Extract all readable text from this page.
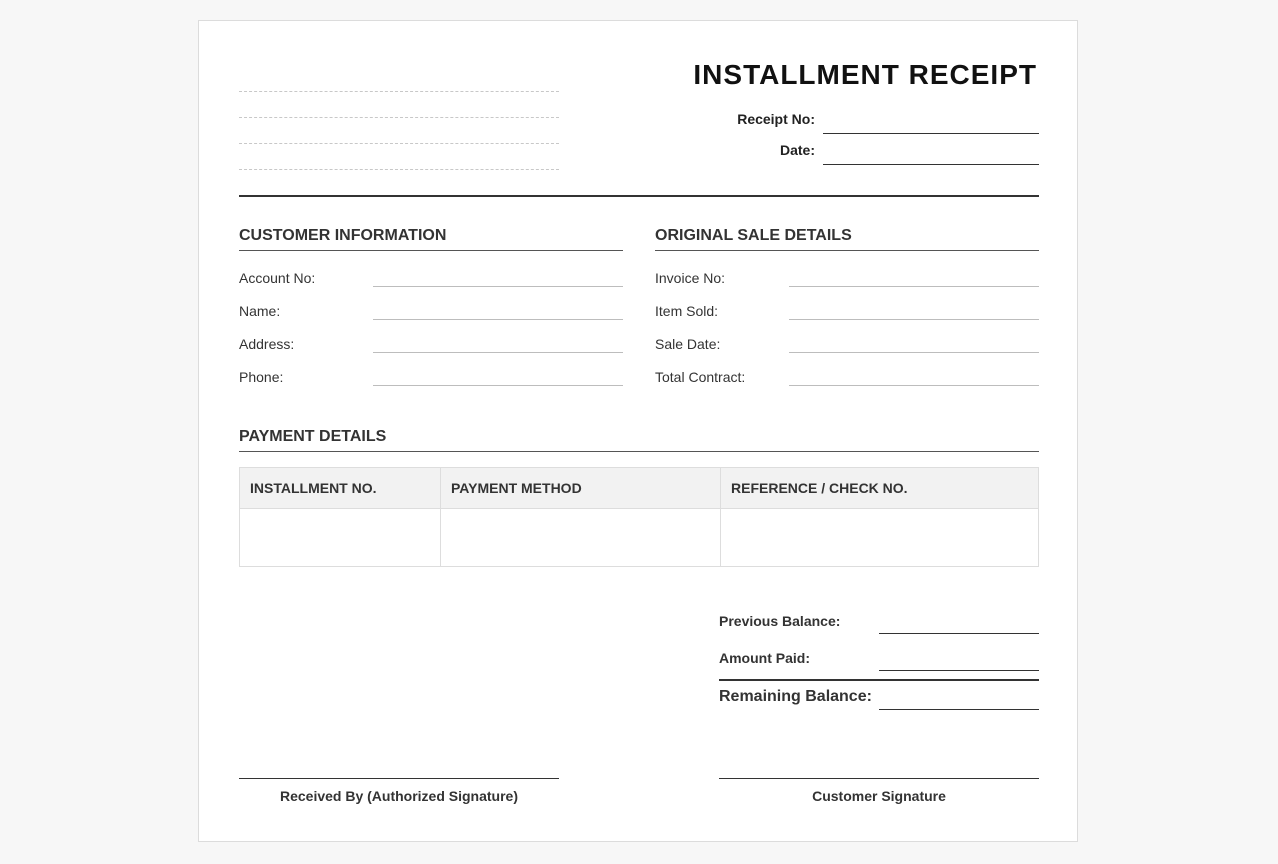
INSTALLMENT RECEIPT
Receipt No:
Date:
CUSTOMER INFORMATION
Account No:
Name:
Address:
Phone:
ORIGINAL SALE DETAILS
Invoice No:
Item Sold:
Sale Date:
Total Contract:
PAYMENT DETAILS
INSTALLMENT NO.	PAYMENT METHOD	REFERENCE / CHECK NO.

Previous Balance:
Amount Paid:
Remaining Balance:
Received By (Authorized Signature)	Customer Signature
